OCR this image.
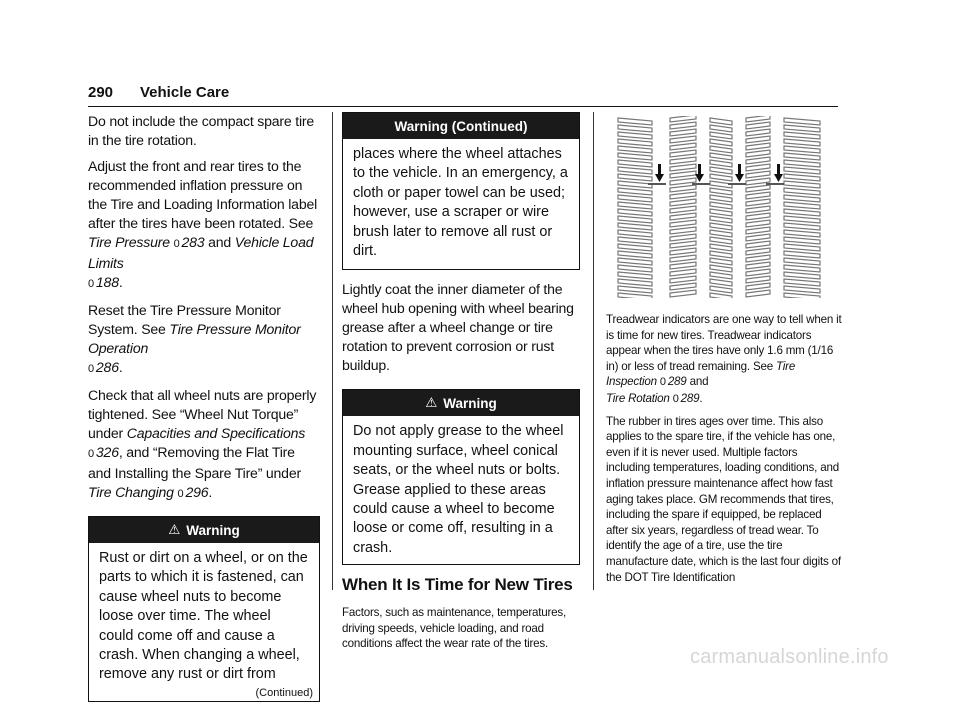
290 Vehicle Care

Do not include the compact spare tire in the tire rotation.

Adjust the front and rear tires to the recommended inflation pressure on the Tire and Loading Information label after the tires have been rotated. See Tire Pressure 0 283 and Vehicle Load Limits
0 188.

Reset the Tire Pressure Monitor System. See Tire Pressure Monitor Operation
0 286.

Check that all wheel nuts are properly tightened. See “Wheel Nut Torque” under Capacities and Specifications
0 326, and “Removing the Flat Tire and Installing the Spare Tire” under Tire Changing 0 296.

⚠ Warning
Rust or dirt on a wheel, or on the parts to which it is fastened, can cause wheel nuts to become loose over time. The wheel could come off and cause a crash. When changing a wheel, remove any rust or dirt from
(Continued)
Warning (Continued)
places where the wheel attaches to the vehicle. In an emergency, a cloth or paper towel can be used; however, use a scraper or wire brush later to remove all rust or dirt.

Lightly coat the inner diameter of the wheel hub opening with wheel bearing grease after a wheel change or tire rotation to prevent corrosion or rust buildup.

⚠ Warning
Do not apply grease to the wheel mounting surface, wheel conical seats, or the wheel nuts or bolts. Grease applied to these areas could cause a wheel to become loose or come off, resulting in a crash.
When It Is Time for New Tires

Factors, such as maintenance, temperatures, driving speeds, vehicle loading, and road conditions affect the wear rate of the tires.

Treadwear indicators are one way to tell when it is time for new tires. Treadwear indicators appear when the tires have only 1.6 mm (1/16 in) or less of tread remaining. See Tire Inspection 0 289 and
Tire Rotation 0 289.

The rubber in tires ages over time. This also applies to the spare tire, if the vehicle has one, even if it is never used. Multiple factors including temperatures, loading conditions, and inflation pressure maintenance affect how fast aging takes place. GM recommends that tires, including the spare if equipped, be replaced after six years, regardless of tread wear. To identify the age of a tire, use the tire manufacture date, which is the last four digits of the DOT Tire Identification

carmanualsonline.info
